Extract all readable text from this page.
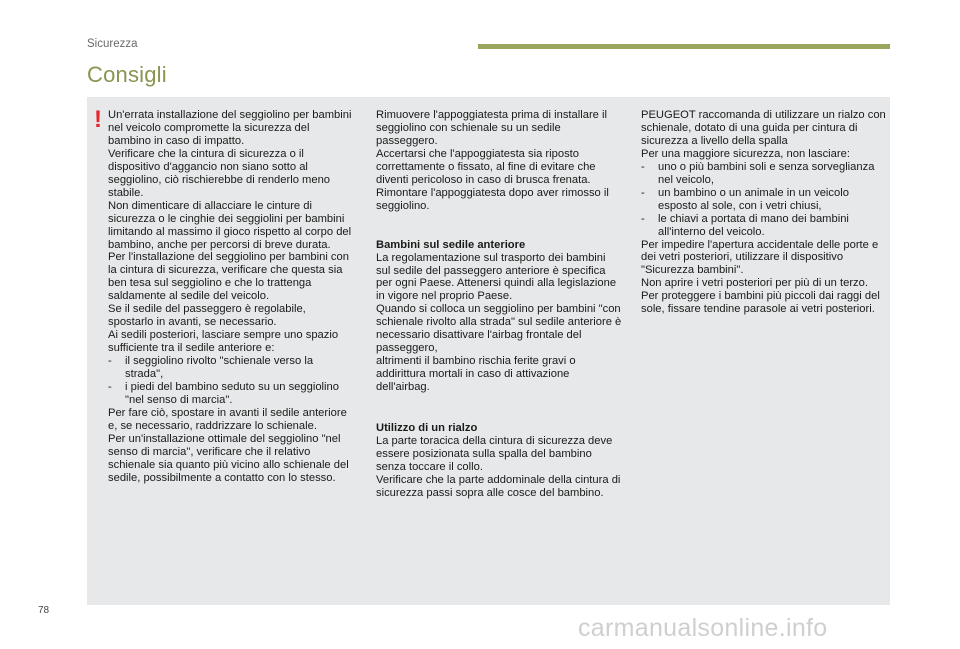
Sicurezza
Consigli
! Un'errata installazione del seggiolino per bambini nel veicolo compromette la sicurezza del bambino in caso di impatto.
Verificare che la cintura di sicurezza o il dispositivo d'aggancio non siano sotto al seggiolino, ciò rischierebbe di renderlo meno stabile.
Non dimenticare di allacciare le cinture di sicurezza o le cinghie dei seggiolini per bambini limitando al massimo il gioco rispetto al corpo del bambino, anche per percorsi di breve durata.
Per l'installazione del seggiolino per bambini con la cintura di sicurezza, verificare che questa sia ben tesa sul seggiolino e che lo trattenga saldamente al sedile del veicolo.
Se il sedile del passeggero è regolabile, spostarlo in avanti, se necessario.
Ai sedili posteriori, lasciare sempre uno spazio sufficiente tra il sedile anteriore e:
- il seggiolino rivolto "schienale verso la strada",
- i piedi del bambino seduto su un seggiolino "nel senso di marcia".
Per fare ciò, spostare in avanti il sedile anteriore e, se necessario, raddrizzare lo schienale.
Per un'installazione ottimale del seggiolino "nel senso di marcia", verificare che il relativo schienale sia quanto più vicino allo schienale del sedile, possibilmente a contatto con lo stesso.
Rimuovere l'appoggiatesta prima di installare il seggiolino con schienale su un sedile passeggero.
Accertarsi che l'appoggiatesta sia riposto correttamente o fissato, al fine di evitare che diventi pericoloso in caso di brusca frenata.
Rimontare l'appoggiatesta dopo aver rimosso il seggiolino.
Bambini sul sedile anteriore
La regolamentazione sul trasporto dei bambini sul sedile del passeggero anteriore è specifica per ogni Paese. Attenersi quindi alla legislazione in vigore nel proprio Paese.
Quando si colloca un seggiolino per bambini "con schienale rivolto alla strada" sul sedile anteriore è necessario disattivare l'airbag frontale del passeggero,
altrimenti il bambino rischia ferite gravi o addirittura mortali in caso di attivazione dell'airbag.
Utilizzo di un rialzo
La parte toracica della cintura di sicurezza deve essere posizionata sulla spalla del bambino senza toccare il collo.
Verificare che la parte addominale della cintura di sicurezza passi sopra alle cosce del bambino.
PEUGEOT raccomanda di utilizzare un rialzo con schienale, dotato di una guida per cintura di sicurezza a livello della spalla
Per una maggiore sicurezza, non lasciare:
- uno o più bambini soli e senza sorveglianza nel veicolo,
- un bambino o un animale in un veicolo esposto al sole, con i vetri chiusi,
- le chiavi a portata di mano dei bambini all'interno del veicolo.
Per impedire l'apertura accidentale delle porte e dei vetri posteriori, utilizzare il dispositivo "Sicurezza bambini".
Non aprire i vetri posteriori per più di un terzo.
Per proteggere i bambini più piccoli dai raggi del sole, fissare tendine parasole ai vetri posteriori.
78
carmanualsonline.info
